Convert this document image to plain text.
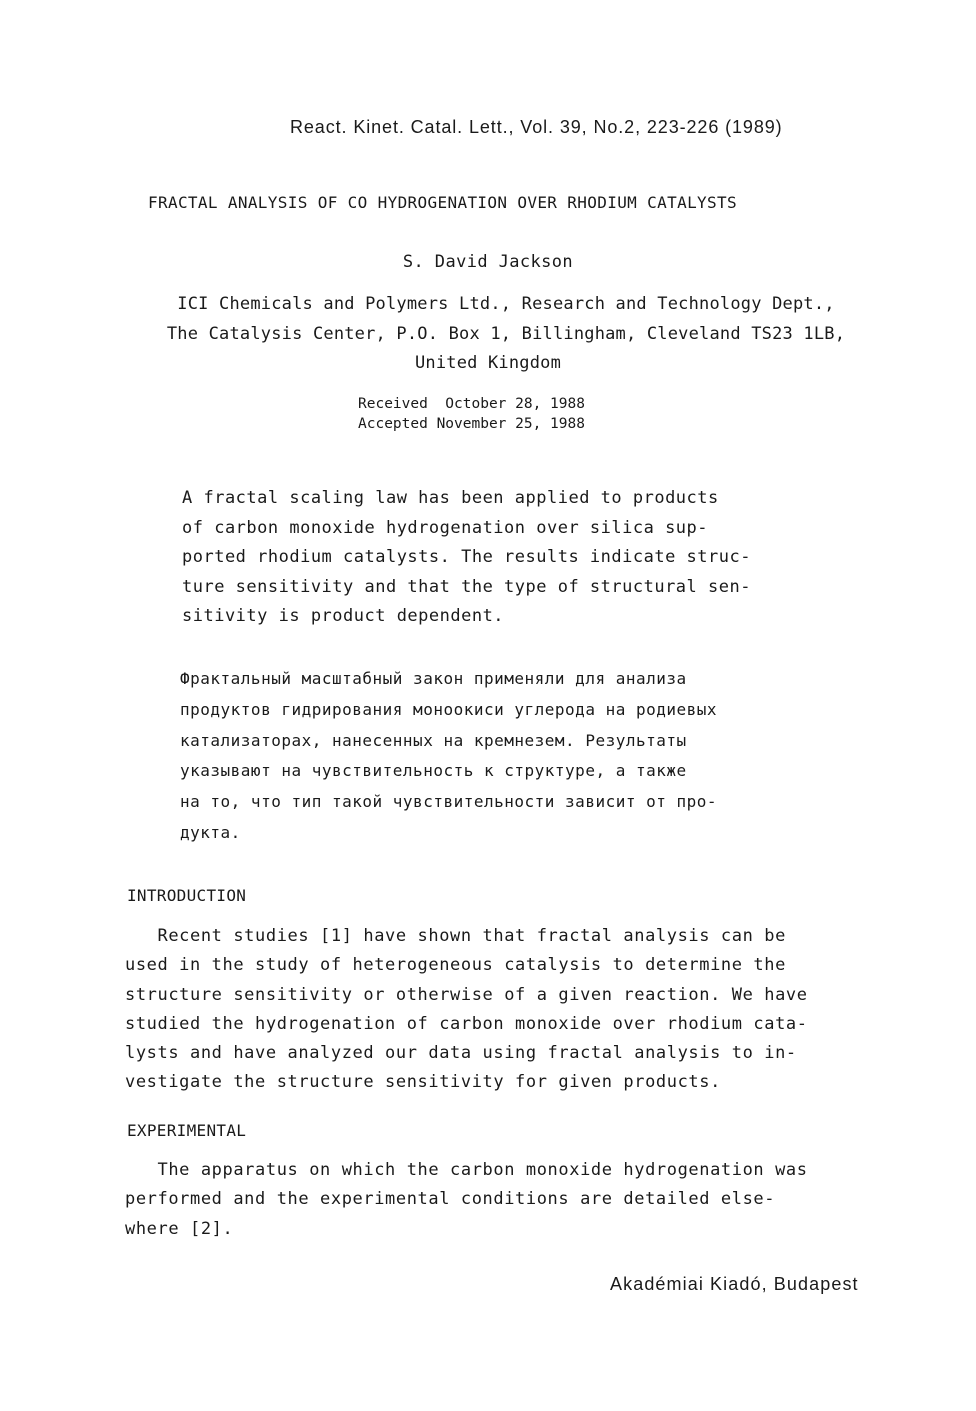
React. Kinet. Catal. Lett., Vol. 39, No.2, 223-226 (1989)
FRACTAL ANALYSIS OF CO HYDROGENATION OVER RHODIUM CATALYSTS
S. David Jackson
ICI Chemicals and Polymers Ltd., Research and Technology Dept.,
The Catalysis Center, P.O. Box 1, Billingham, Cleveland TS23 1LB,
United Kingdom
Received  October 28, 1988
Accepted November 25, 1988
A fractal scaling law has been applied to products
of carbon monoxide hydrogenation over silica sup-
ported rhodium catalysts. The results indicate struc-
ture sensitivity and that the type of structural sen-
sitivity is product dependent.
Фрактальный масштабный закон применяли для анализа
продуктов гидрирования моноокиси углерода на родиевых
катализаторах, нанесенных на кремнезем. Результаты
указывают на чувствительность к структуре, а также
на то, что тип такой чувствительности зависит от про-
дукта.
INTRODUCTION
Recent studies [1] have shown that fractal analysis can be
used in the study of heterogeneous catalysis to determine the
structure sensitivity or otherwise of a given reaction. We have
studied the hydrogenation of carbon monoxide over rhodium cata-
lysts and have analyzed our data using fractal analysis to in-
vestigate the structure sensitivity for given products.
EXPERIMENTAL
The apparatus on which the carbon monoxide hydrogenation was
performed and the experimental conditions are detailed else-
where [2].
Akadémiai Kiadó, Budapest
